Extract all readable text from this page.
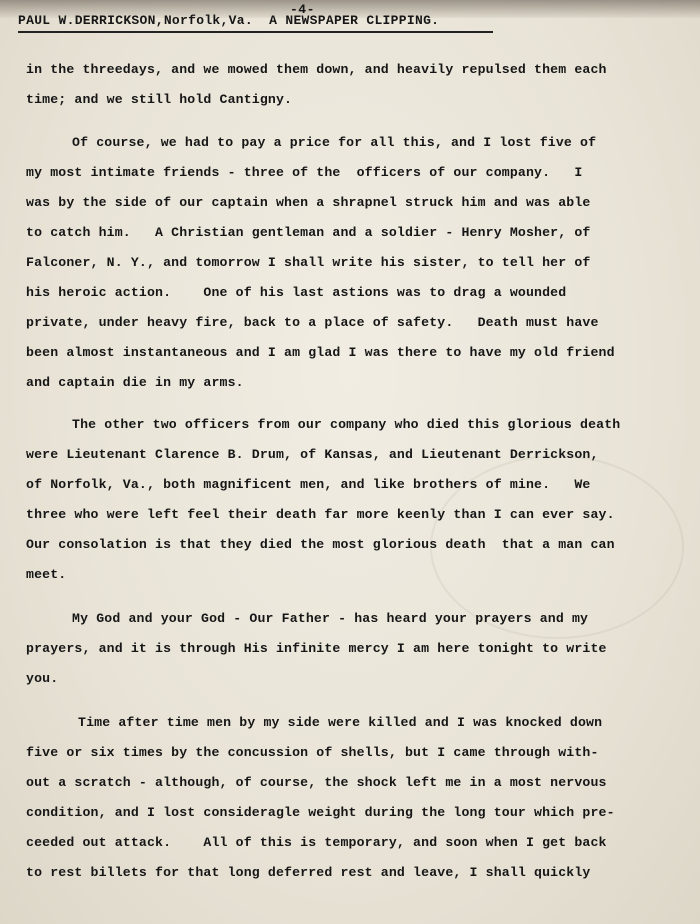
-4-
PAUL W.DERRICKSON,Norfolk,Va.  A NEWSPAPER CLIPPING.
in the threedays, and we mowed them down, and heavily repulsed them each
time; and we still hold Cantigny.
Of course, we had to pay a price for all this, and I lost five of
my most intimate friends - three of the  officers of our company.   I
was by the side of our captain when a shrapnel struck him and was able
to catch him.   A Christian gentleman and a soldier - Henry Mosher, of
Falconer, N. Y., and tomorrow I shall write his sister, to tell her of
his heroic action.    One of his last astions was to drag a wounded
private, under heavy fire, back to a place of safety.   Death must have
been almost instantaneous and I am glad I was there to have my old friend
and captain die in my arms.
The other two officers from our company who died this glorious death
were Lieutenant Clarence B. Drum, of Kansas, and Lieutenant Derrickson,
of Norfolk, Va., both magnificent men, and like brothers of mine.   We
three who were left feel their death far more keenly than I can ever say.
Our consolation is that they died the most glorious death  that a man can
meet.
My God and your God - Our Father - has heard your prayers and my
prayers, and it is through His infinite mercy I am here tonight to write
you.
Time after time men by my side were killed and I was knocked down
five or six times by the concussion of shells, but I came through with-
out a scratch - although, of course, the shock left me in a most nervous
condition, and I lost consideragle weight during the long tour which pre-
ceeded out attack.    All of this is temporary, and soon when I get back
to rest billets for that long deferred rest and leave, I shall quickly
